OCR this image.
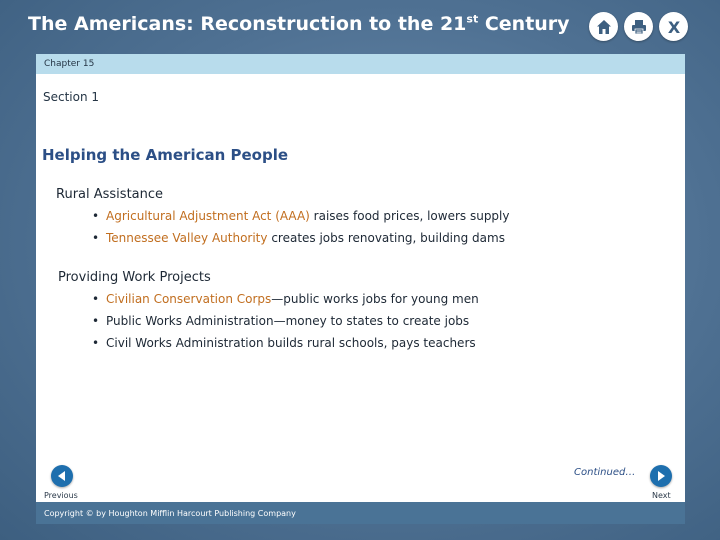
The Americans: Reconstruction to the 21st Century	X
Chapter 15
Section 1
Helping the American People
Rural Assistance
• Agricultural Adjustment Act (AAA) raises food prices, lowers supply
• Tennessee Valley Authority creates jobs renovating, building dams
Providing Work Projects
• Civilian Conservation Corps—public works jobs for young men
• Public Works Administration—money to states to create jobs
• Civil Works Administration builds rural schools, pays teachers
Continued…
Previous	Next
Copyright © by Houghton Mifflin Harcourt Publishing Company
